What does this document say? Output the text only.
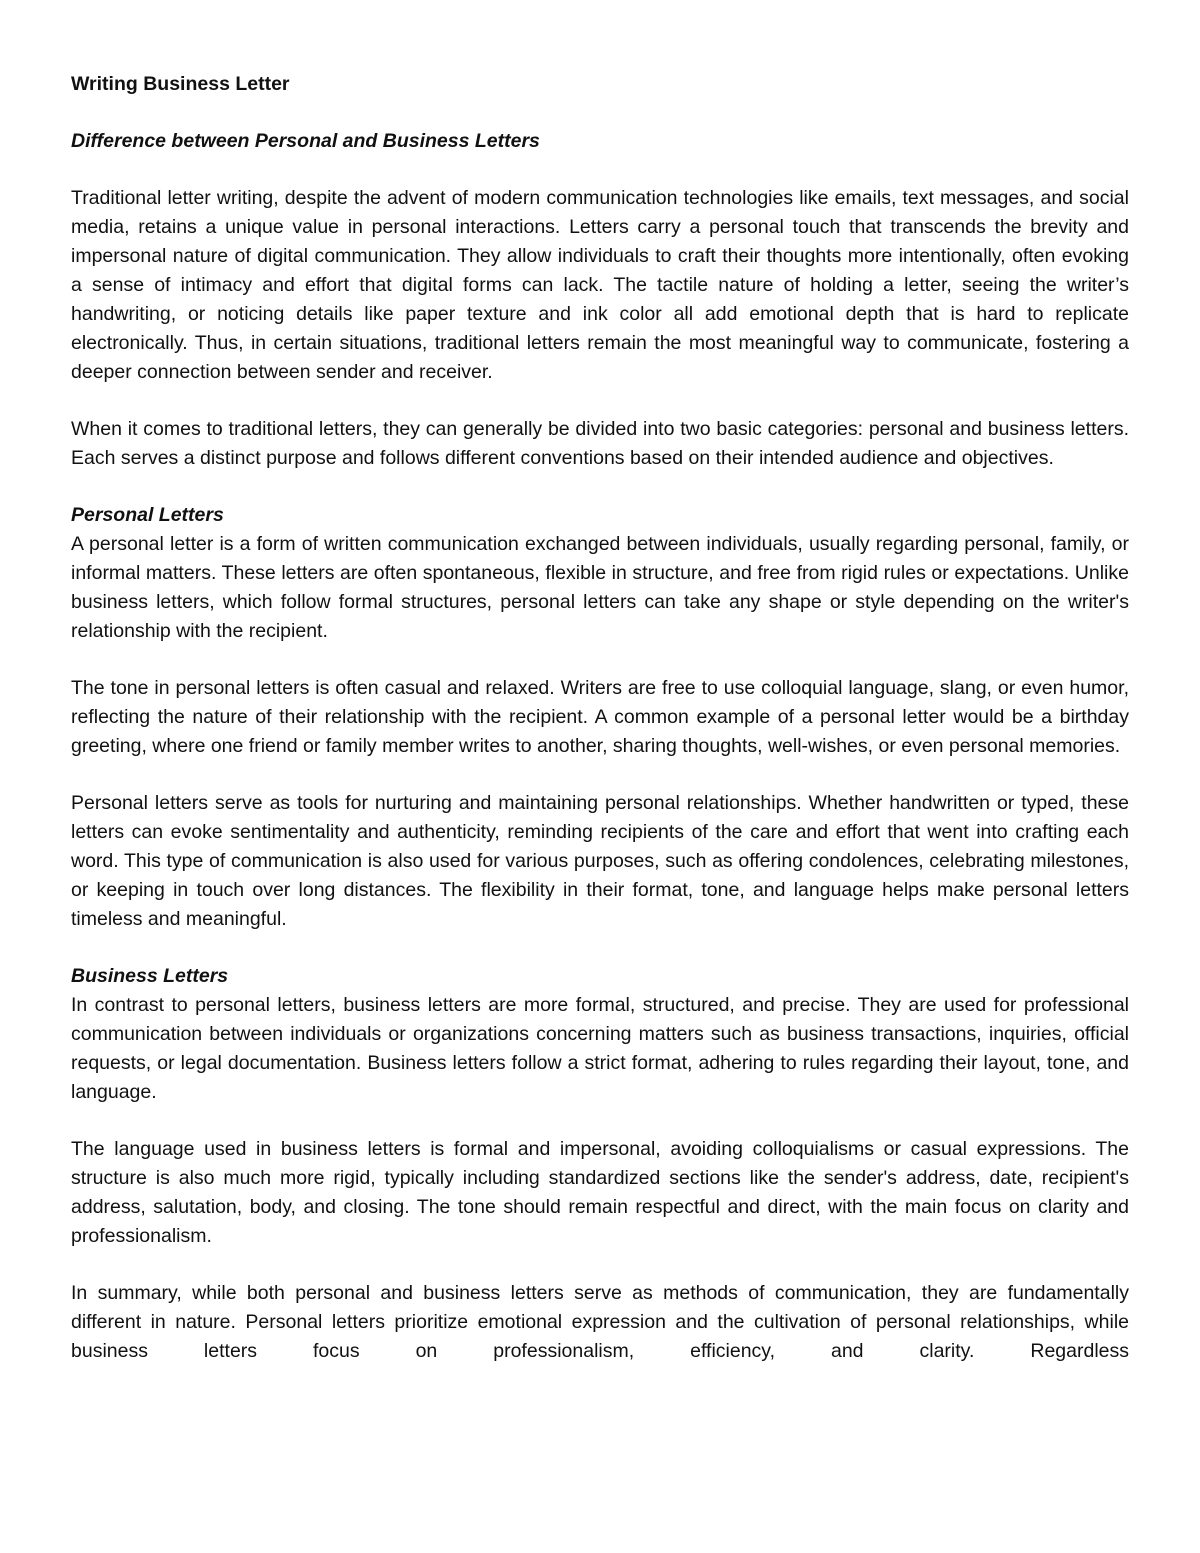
Writing Business Letter
Difference between Personal and Business Letters

Traditional letter writing, despite the advent of modern communication technologies like emails, text messages, and social media, retains a unique value in personal interactions. Letters carry a personal touch that transcends the brevity and impersonal nature of digital communication. They allow individuals to craft their thoughts more intentionally, often evoking a sense of intimacy and effort that digital forms can lack. The tactile nature of holding a letter, seeing the writer’s handwriting, or noticing details like paper texture and ink color all add emotional depth that is hard to replicate electronically. Thus, in certain situations, traditional letters remain the most meaningful way to communicate, fostering a deeper connection between sender and receiver.

When it comes to traditional letters, they can generally be divided into two basic categories: personal and business letters. Each serves a distinct purpose and follows different conventions based on their intended audience and objectives.

Personal Letters

A personal letter is a form of written communication exchanged between individuals, usually regarding personal, family, or informal matters. These letters are often spontaneous, flexible in structure, and free from rigid rules or expectations. Unlike business letters, which follow formal structures, personal letters can take any shape or style depending on the writer's relationship with the recipient.

The tone in personal letters is often casual and relaxed. Writers are free to use colloquial language, slang, or even humor, reflecting the nature of their relationship with the recipient. A common example of a personal letter would be a birthday greeting, where one friend or family member writes to another, sharing thoughts, well-wishes, or even personal memories.

Personal letters serve as tools for nurturing and maintaining personal relationships. Whether handwritten or typed, these letters can evoke sentimentality and authenticity, reminding recipients of the care and effort that went into crafting each word. This type of communication is also used for various purposes, such as offering condolences, celebrating milestones, or keeping in touch over long distances. The flexibility in their format, tone, and language helps make personal letters timeless and meaningful.

Business Letters

In contrast to personal letters, business letters are more formal, structured, and precise. They are used for professional communication between individuals or organizations concerning matters such as business transactions, inquiries, official requests, or legal documentation. Business letters follow a strict format, adhering to rules regarding their layout, tone, and language.

The language used in business letters is formal and impersonal, avoiding colloquialisms or casual expressions. The structure is also much more rigid, typically including standardized sections like the sender's address, date, recipient's address, salutation, body, and closing. The tone should remain respectful and direct, with the main focus on clarity and professionalism.

In summary, while both personal and business letters serve as methods of communication, they are fundamentally different in nature. Personal letters prioritize emotional expression and the cultivation of personal relationships, while business letters focus on professionalism, efficiency, and clarity. Regardless
